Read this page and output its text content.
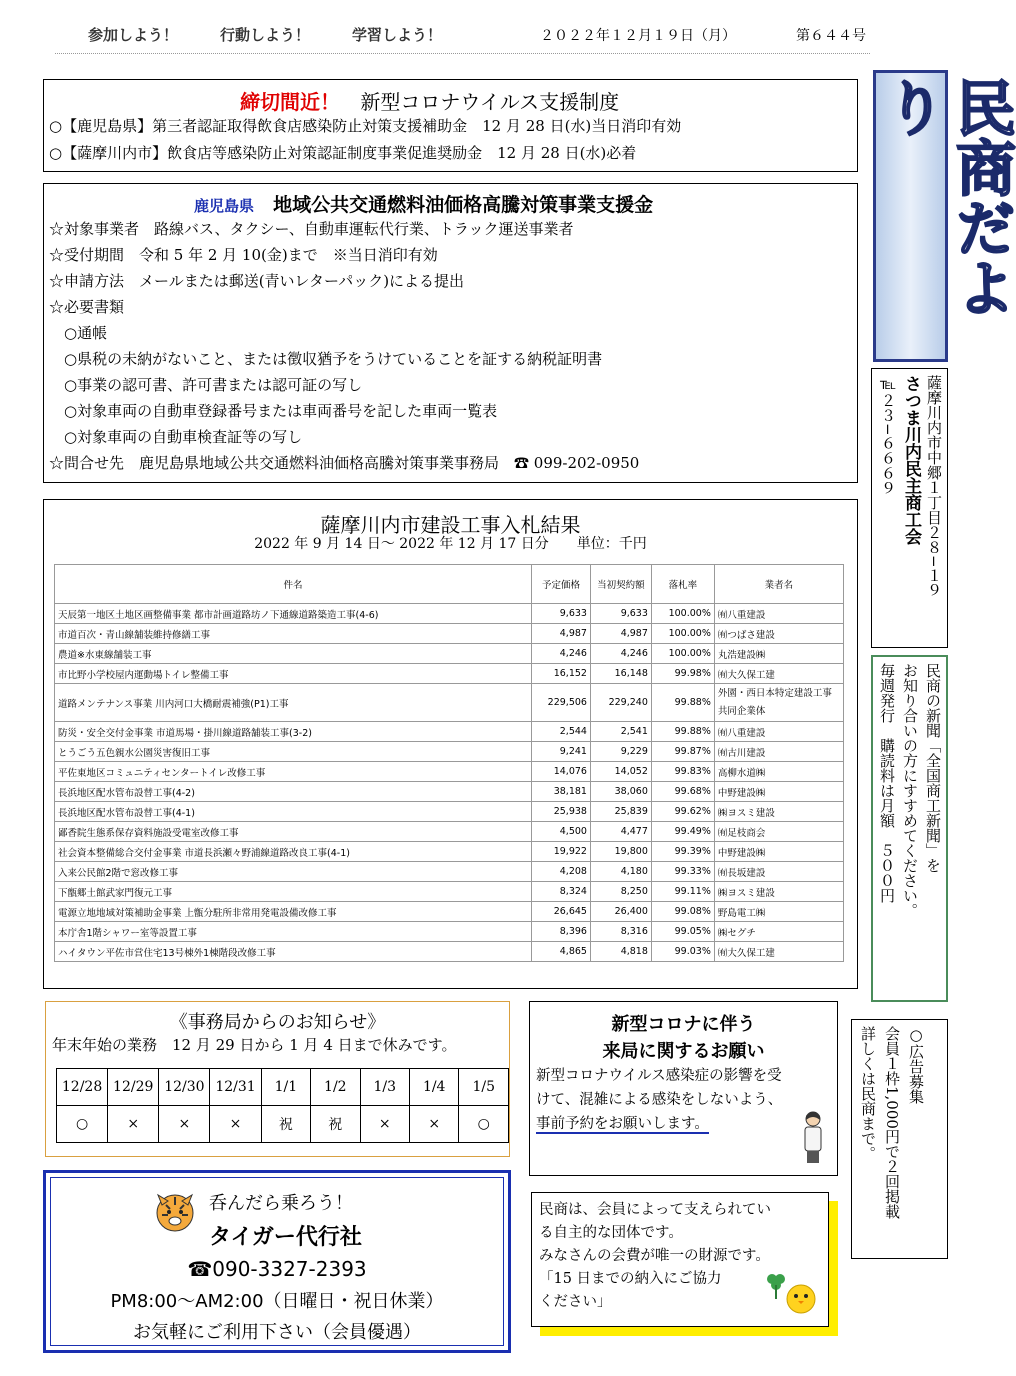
参加しよう！	行動しよう！	学習しよう！	２０２２年１２月１９日（月）	第６４４号
民商だより
締切間近！ 新型コロナウイルス支援制度
○【鹿児島県】第三者認証取得飲食店感染防止対策支援補助金　12 月 28 日(水)当日消印有効
○【薩摩川内市】飲食店等感染防止対策認証制度事業促進奨励金　12 月 28 日(水)必着
鹿児島県 地域公共交通燃料油価格高騰対策事業支援金
☆対象事業者　路線バス、タクシー、自動車運転代行業、トラック運送事業者
☆受付期間　令和 5 年 2 月 10(金)まで　※当日消印有効
☆申請方法　メールまたは郵送(青いレターパック)による提出
☆必要書類
　○通帳
　○県税の未納がないこと、または徴収猶予をうけていることを証する納税証明書
　○事業の認可書、許可書または認可証の写し
　○対象車両の自動車登録番号または車両番号を記した車両一覧表
　○対象車両の自動車検査証等の写し
☆問合せ先　鹿児島県地域公共交通燃料油価格高騰対策事業事務局　☎ 099-202-0950	薩摩川内市中郷１丁目２８−１９
さつま川内民主商工会
℡２３−６６６９
民商の新聞「全国商工新聞」を
お知り合いの方にすすめてください。
毎週発行　購読料は月額　５００円
薩摩川内市建設工事入札結果
2022 年 9 月 14 日～ 2022 年 12 月 17 日分　　単位：千円
件名	予定価格	当初契約額	落札率	業者名
天辰第一地区土地区画整備事業 都市計画道路坊ノ下通線道路築造工事(4-6)	9,633	9,633	100.00%	㈲八重建設
市道百次・青山線舗装維持修繕工事	4,987	4,987	100.00%	㈲つばさ建設
農道※水東線舗装工事	4,246	4,246	100.00%	丸浩建設㈱
市比野小学校屋内運動場トイレ整備工事	16,152	16,148	99.98%	㈲大久保工建
道路メンテナンス事業 川内河口大橋耐震補強(P1)工事	229,506	229,240	99.88%	外園・西日本特定建設工事共同企業体
防災・安全交付金事業 市道馬場・掛川線道路舗装工事(3-2)	2,544	2,541	99.88%	㈲八重建設
とうごう五色親水公園災害復旧工事	9,241	9,229	99.87%	㈲古川建設
平佐東地区コミュニティセンタートイレ改修工事	14,076	14,052	99.83%	高柳水道㈱
長浜地区配水管布設替工事(4-2)	38,181	38,060	99.68%	中野建設㈱
長浜地区配水管布設替工事(4-1)	25,938	25,839	99.62%	㈱ヨスミ建設
鄙香院生態系保存資料施設受電室改修工事	4,500	4,477	99.49%	㈲足枝商会
社会資本整備総合交付金事業 市道長浜瀬々野浦線道路改良工事(4-1)	19,922	19,800	99.39%	中野建設㈱
入来公民館2階で窓改修工事	4,208	4,180	99.33%	㈲長坂建設
下甑郷土館武家門復元工事	8,324	8,250	99.11%	㈱ヨスミ建設
電源立地地域対策補助金事業 上甑分駐所非常用発電設備改修工事	26,645	26,400	99.08%	野島電工㈱
本庁舎1階シャワー室等設置工事	8,396	8,316	99.05%	㈱セグチ
ハイタウン平佐市営住宅13号棟外1棟階段改修工事	4,865	4,818	99.03%	㈲大久保工建
《事務局からのお知らせ》
年末年始の業務　12 月 29 日から 1 月 4 日まで休みです。
12/28	12/29	12/30	12/31	1/1	1/2	1/3	1/4	1/5
○	×	×	×	祝	祝	×	×	○
新型コロナに伴う
来局に関するお願い
新型コロナウイルス感染症の影響を受けて、混雑による感染をしないよう、事前予約をお願いします。
○広告募集
会員１枠1,000円で２回掲載
詳しくは民商まで。
呑んだら乗ろう！
タイガー代行社
☎090-3327-2393
PM8:00～AM2:00（日曜日・祝日休業）
お気軽にご利用下さい（会員優遇）
民商は、会員によって支えられてい
る自主的な団体です。
みなさんの会費が唯一の財源です。
「15 日までの納入にご協力
ください」
